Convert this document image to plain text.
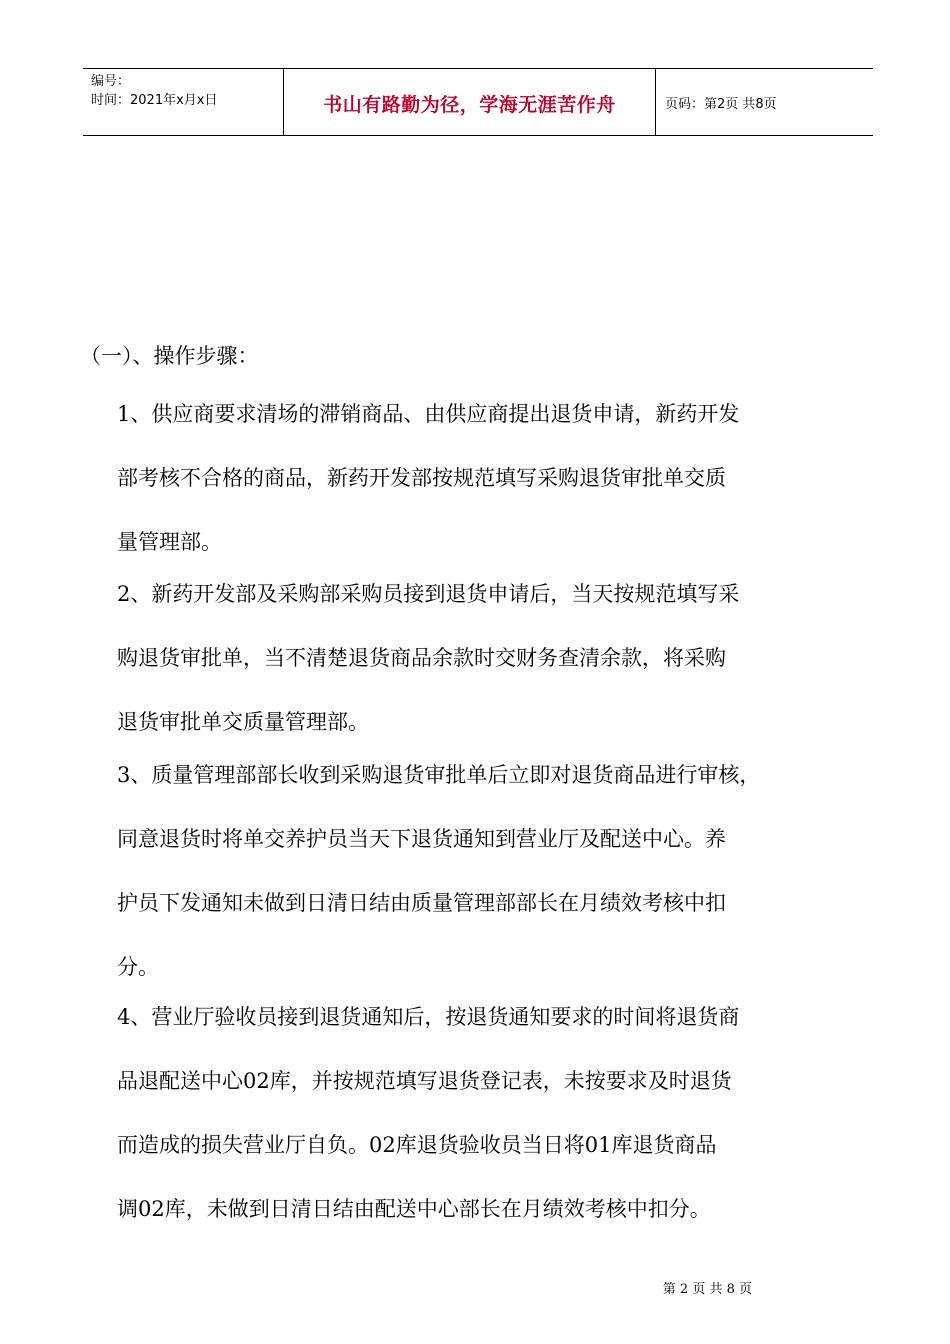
编号：
时间：2021年x月x日	书山有路勤为径，学海无涯苦作舟	页码：第2页 共8页
（一）、操作步骤：
1、供应商要求清场的滞销商品、由供应商提出退货申请，新药开发
部考核不合格的商品，新药开发部按规范填写采购退货审批单交质
量管理部。
2、新药开发部及采购部采购员接到退货申请后，当天按规范填写采
购退货审批单，当不清楚退货商品余款时交财务查清余款，将采购
退货审批单交质量管理部。
3、质量管理部部长收到采购退货审批单后立即对退货商品进行审核，
同意退货时将单交养护员当天下退货通知到营业厅及配送中心。养
护员下发通知未做到日清日结由质量管理部部长在月绩效考核中扣
分。
4、营业厅验收员接到退货通知后，按退货通知要求的时间将退货商
品退配送中心02库，并按规范填写退货登记表，未按要求及时退货
而造成的损失营业厅自负。02库退货验收员当日将01库退货商品
调02库，未做到日清日结由配送中心部长在月绩效考核中扣分。
第 2 页 共 8 页
